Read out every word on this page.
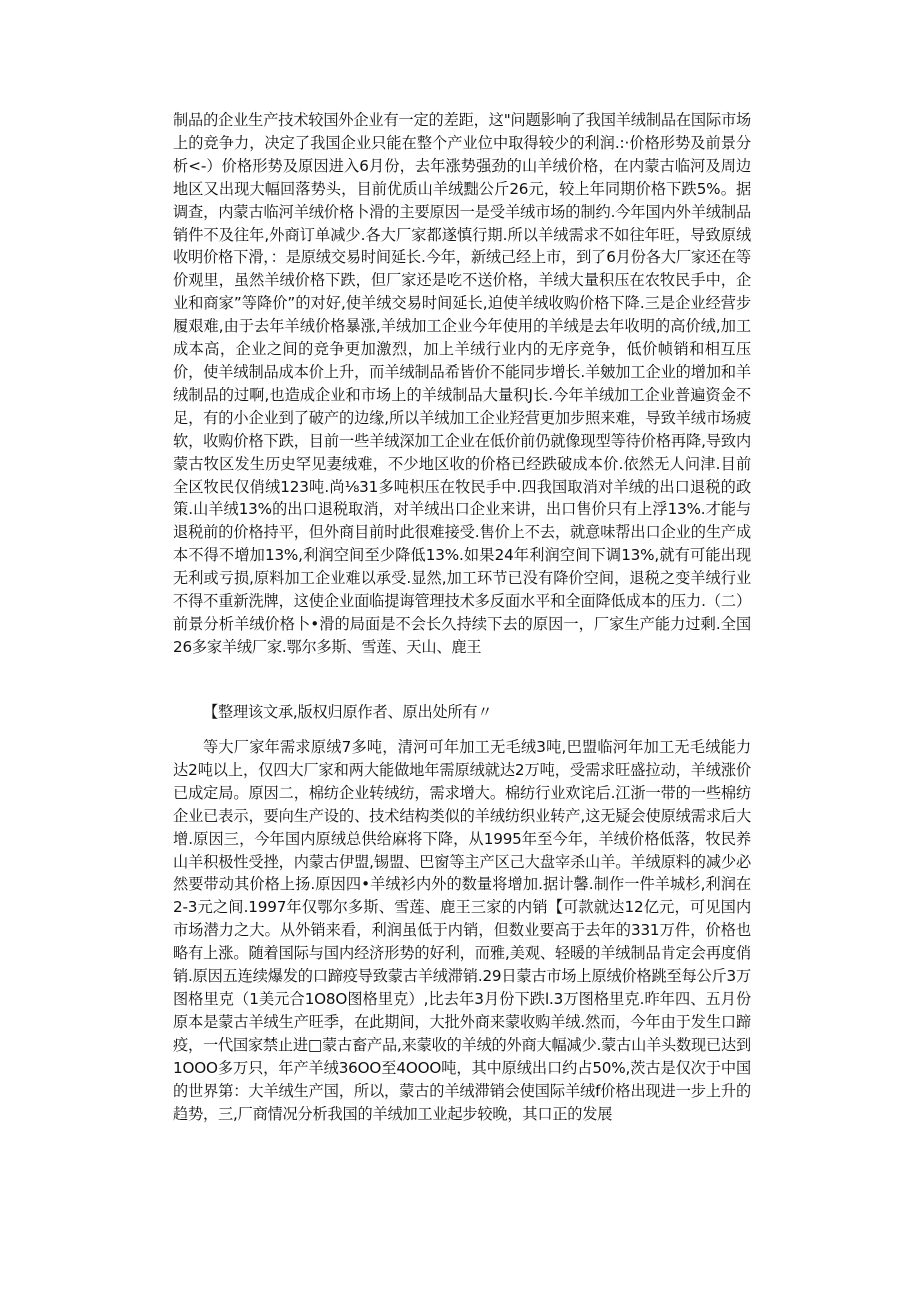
制品的企业生产技术较国外企业有一定的差距，这"问题影响了我国羊绒制品在国际市场上的竞争力，决定了我国企业只能在整个产业位中取得较少的利润.:·价格形势及前景分析<-）价格形势及原因进入6月份，去年涨势强劲的山羊绒价格，在内蒙古临河及周边地区又出现大幅回落势头，目前优质山羊绒黜公斤26元，较上年同期价格下跌5%。据调查，内蒙古临河羊绒价格卜滑的主要原因一是受羊绒市场的制约.今年国内外羊绒制品销件不及往年,外商订单减少.各大厂家都遂慎行期.所以羊绒需求不如往年旺，导致原绒收明价格下滑，：是原绒交易时间延长.今年，新绒己经上市，到了6月份各大厂家还在等价观里，虽然羊绒价格下跌，但厂家还是吃不送价格，羊绒大量积压在农牧民手中，企业和商家”等降价”的对好,使羊绒交易时间延长,迫使羊绒收购价格下降.三是企业经营步履艰难,由于去年羊绒价格暴涨,羊绒加工企业今年使用的羊绒是去年收明的高价绒,加工成本高，企业之间的竞争更加激烈，加上羊绒行业内的无序竞争，低价帧销和相互压价，使羊绒制品成本价上升，而羊绒制品希皆价不能同步增长.羊皴加工企业的增加和羊绒制品的过啊,也造成企业和市场上的羊绒制品大量积J长.今年羊绒加工企业普遍资金不足，有的小企业到了破产的边缘,所以羊绒加工企业羟营更加步照来难，导致羊绒市场疲软，收购价格下跌，目前一些羊绒深加工企业在低价前仍就像现型等待价格再降,导致内蒙古牧区发生历史罕见妻绒难，不少地区收的价格已经跌破成本价.依然无人问津.目前全区牧民仅俏绒123吨.尚⅛31多吨枳压在牧民手中.四我国取消对羊绒的出口退税的政策.山羊绒13%的出口退税取消，对羊绒出口企业来讲，出口售价只有上浮13%.才能与退税前的价格持平，但外商目前时此很难接受.售价上不去，就意味帮出口企业的生产成本不得不增加13%,利润空间至少降低13%.如果24年利润空间下调13%,就有可能出现无利或亏损,原料加工企业难以承受.显然,加工环节已没有降价空间，退税之变羊绒行业不得不重新洗牌，这使企业面临提诲管理技术多反面水平和全面降低成本的压力.（二）前景分析羊绒价格卜•滑的局面是不会长久持续下去的原因一，厂家生产能力过剩.全国26多家羊绒厂家.鄂尔多斯、雪莲、天山、鹿王

【整理该文承,版权归原作者、原出处所有〃

等大厂家年需求原绒7多吨，清河可年加工无毛绒3吨,巴盟临河年加工无毛绒能力达2吨以上，仅四大厂家和两大能做地年需原绒就达2万吨，受需求旺盛拉动，羊绒涨价已成定局。原因二，棉纺企业转绒纺，需求增大。棉纺行业欢诧后.江浙一带的一些棉纺企业已表示，要向生产设的、技术结构类似的羊绒纺织业转产,这无疑会使原绒需求后大增.原因三，今年国内原绒总供给麻将下降，从1995年至今年，羊绒价格低落，牧民养山羊积极性受挫，内蒙古伊盟,锡盟、巴窗等主产区己大盘宰杀山羊。羊绒原料的减少必然要带动其价格上扬.原因四•羊绒衫内外的数量将增加.据计馨.制作一件羊城杉,利润在2-3元之间.1997年仅鄂尔多斯、雪莲、鹿王三家的内销【可款就达12亿元，可见国内市场潜力之大。从外销来看，利润虽低于内销，但数业要高于去年的331万件，价格也略有上涨。随着国际与国内经济形势的好利，而雅,美观、轻暖的羊绒制品肯定会再度俏销.原因五连续爆发的口蹄疫导致蒙古羊绒滞销.29日蒙古市场上原绒价格跳至每公斤3万图格里克（1美元合1O8O图格里克）,比去年3月份下跌l.3万图格里克.昨年四、五月份原本是蒙古羊绒生产旺季，在此期间，大批外商来蒙收购羊绒.然而，今年由于发生口蹄疫，一代国家禁止进□蒙古畜产品,来蒙收的羊绒的外商大幅减少.蒙古山羊头数现已达到1OOO多万只，年产羊绒36OO至4OOO吨，其中原绒出口约占50%,茨古是仅次于中国的世界第：大羊绒生产国，所以，蒙古的羊绒滞销会使国际羊绒f价格出现进一步上升的趋势，三,厂商情况分析我国的羊绒加工业起步较晚，其口正的发展
